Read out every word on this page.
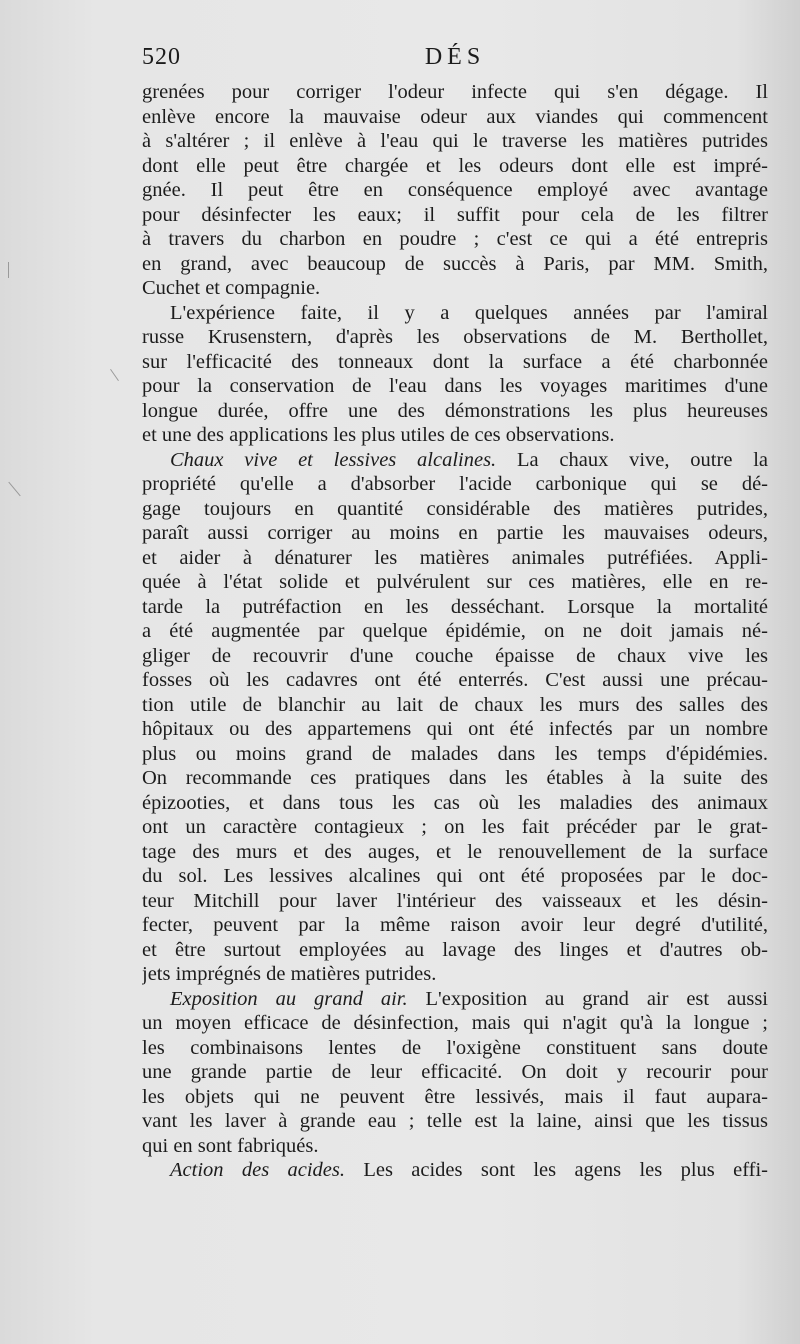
520	DÉS
grenées pour corriger l'odeur infecte qui s'en dégage. Il
enlève encore la mauvaise odeur aux viandes qui commencent
à s'altérer ; il enlève à l'eau qui le traverse les matières putrides
dont elle peut être chargée et les odeurs dont elle est impré-
gnée. Il peut être en conséquence employé avec avantage
pour désinfecter les eaux; il suffit pour cela de les filtrer
à travers du charbon en poudre ; c'est ce qui a été entrepris
en grand, avec beaucoup de succès à Paris, par MM. Smith,
Cuchet et compagnie.
L'expérience faite, il y a quelques années par l'amiral
russe Krusenstern, d'après les observations de M. Berthollet,
sur l'efficacité des tonneaux dont la surface a été charbonnée
pour la conservation de l'eau dans les voyages maritimes d'une
longue durée, offre une des démonstrations les plus heureuses
et une des applications les plus utiles de ces observations.
Chaux vive et lessives alcalines. La chaux vive, outre la
propriété qu'elle a d'absorber l'acide carbonique qui se dé-
gage toujours en quantité considérable des matières putrides,
paraît aussi corriger au moins en partie les mauvaises odeurs,
et aider à dénaturer les matières animales putréfiées. Appli-
quée à l'état solide et pulvérulent sur ces matières, elle en re-
tarde la putréfaction en les desséchant. Lorsque la mortalité
a été augmentée par quelque épidémie, on ne doit jamais né-
gliger de recouvrir d'une couche épaisse de chaux vive les
fosses où les cadavres ont été enterrés. C'est aussi une précau-
tion utile de blanchir au lait de chaux les murs des salles des
hôpitaux ou des appartemens qui ont été infectés par un nombre
plus ou moins grand de malades dans les temps d'épidémies.
On recommande ces pratiques dans les étables à la suite des
épizooties, et dans tous les cas où les maladies des animaux
ont un caractère contagieux ; on les fait précéder par le grat-
tage des murs et des auges, et le renouvellement de la surface
du sol. Les lessives alcalines qui ont été proposées par le doc-
teur Mitchill pour laver l'intérieur des vaisseaux et les désin-
fecter, peuvent par la même raison avoir leur degré d'utilité,
et être surtout employées au lavage des linges et d'autres ob-
jets imprégnés de matières putrides.
Exposition au grand air. L'exposition au grand air est aussi
un moyen efficace de désinfection, mais qui n'agit qu'à la longue ;
les combinaisons lentes de l'oxigène constituent sans doute
une grande partie de leur efficacité. On doit y recourir pour
les objets qui ne peuvent être lessivés, mais il faut aupara-
vant les laver à grande eau ; telle est la laine, ainsi que les tissus
qui en sont fabriqués.
Action des acides. Les acides sont les agens les plus effi-
